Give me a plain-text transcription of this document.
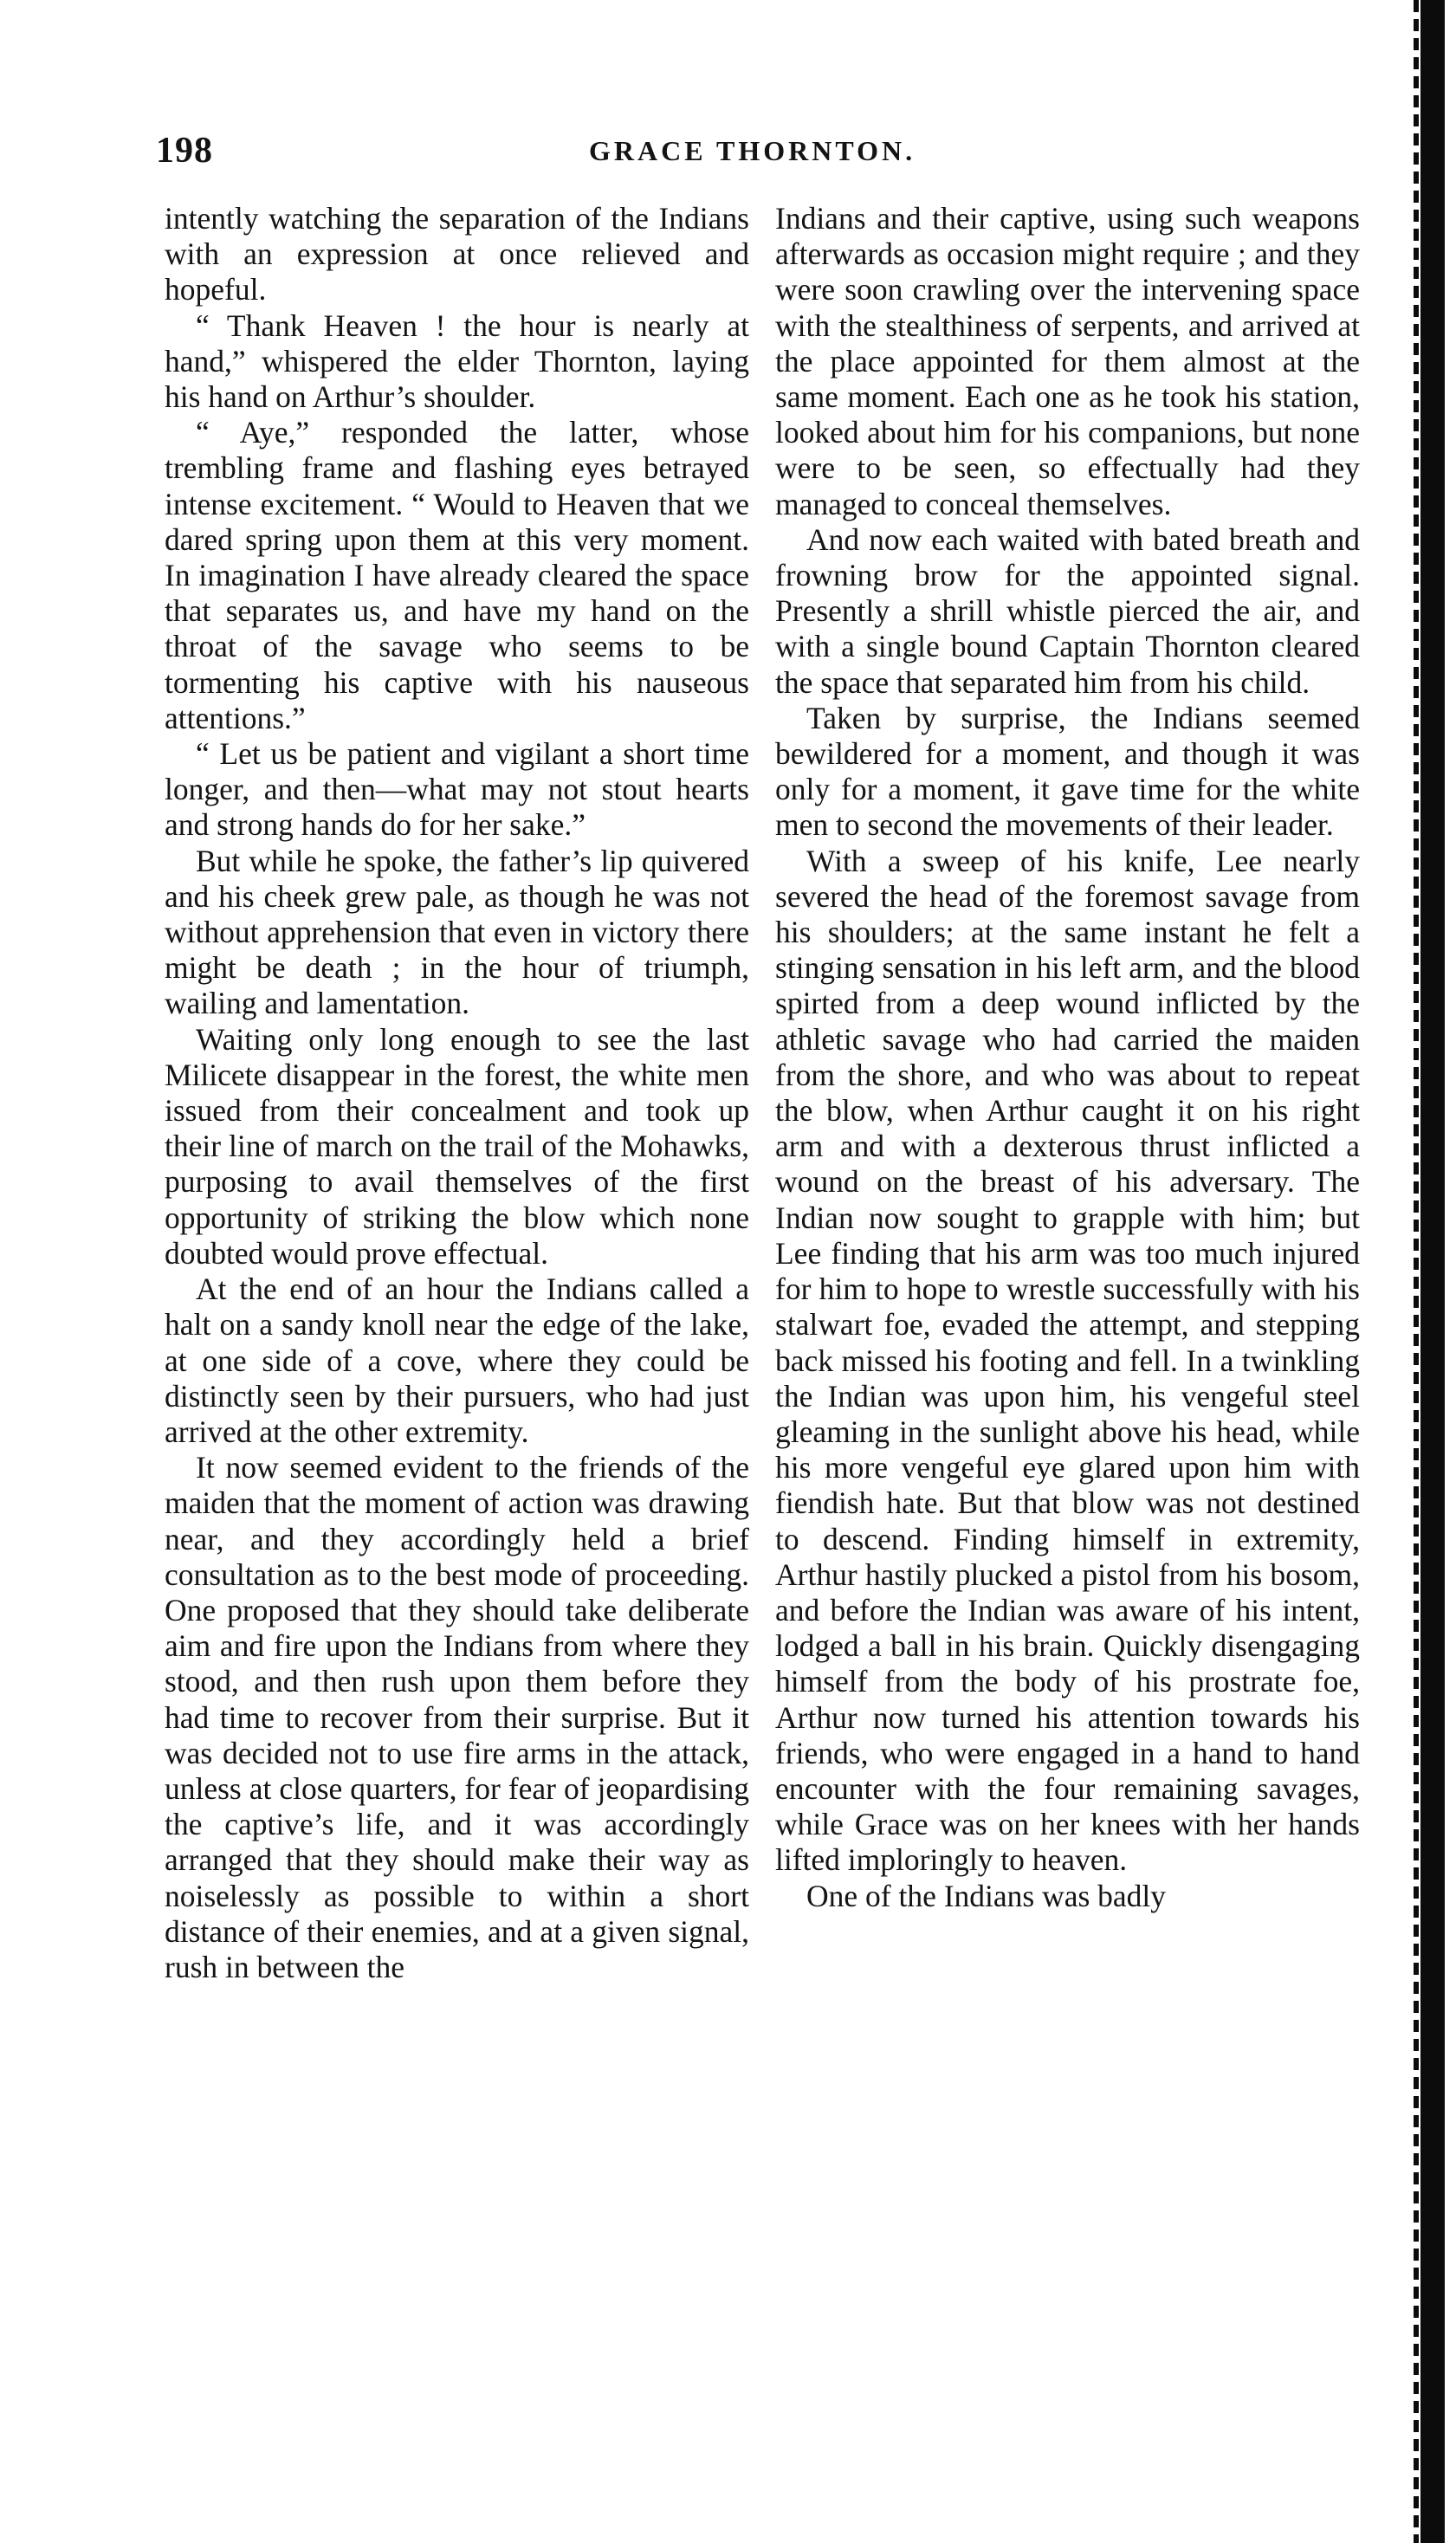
198	GRACE THORNTON.

intently watching the separation of the Indians with an expression at once relieved and hopeful.

“ Thank Heaven ! the hour is nearly at hand,” whispered the elder Thornton, laying his hand on Arthur’s shoulder.

“ Aye,” responded the latter, whose trembling frame and flashing eyes betrayed intense excitement. “ Would to Heaven that we dared spring upon them at this very moment. In imagination I have already cleared the space that separates us, and have my hand on the throat of the savage who seems to be tormenting his captive with his nauseous attentions.”

“ Let us be patient and vigilant a short time longer, and then—what may not stout hearts and strong hands do for her sake.”

But while he spoke, the father’s lip quivered and his cheek grew pale, as though he was not without apprehension that even in victory there might be death ; in the hour of triumph, wailing and lamentation.

Waiting only long enough to see the last Milicete disappear in the forest, the white men issued from their concealment and took up their line of march on the trail of the Mohawks, purposing to avail themselves of the first opportunity of striking the blow which none doubted would prove effectual.

At the end of an hour the Indians called a halt on a sandy knoll near the edge of the lake, at one side of a cove, where they could be distinctly seen by their pursuers, who had just arrived at the other extremity.

It now seemed evident to the friends of the maiden that the moment of action was drawing near, and they accordingly held a brief consultation as to the best mode of proceeding. One proposed that they should take deliberate aim and fire upon the Indians from where they stood, and then rush upon them before they had time to recover from their surprise. But it was decided not to use fire arms in the attack, unless at close quarters, for fear of jeopardising the captive’s life, and it was accordingly arranged that they should make their way as noiselessly as possible to within a short distance of their enemies, and at a given signal, rush in between the

Indians and their captive, using such weapons afterwards as occasion might require ; and they were soon crawling over the intervening space with the stealthiness of serpents, and arrived at the place appointed for them almost at the same moment. Each one as he took his station, looked about him for his companions, but none were to be seen, so effectually had they managed to conceal themselves.

And now each waited with bated breath and frowning brow for the appointed signal. Presently a shrill whistle pierced the air, and with a single bound Captain Thornton cleared the space that separated him from his child.

Taken by surprise, the Indians seemed bewildered for a moment, and though it was only for a moment, it gave time for the white men to second the movements of their leader.

With a sweep of his knife, Lee nearly severed the head of the foremost savage from his shoulders; at the same instant he felt a stinging sensation in his left arm, and the blood spirted from a deep wound inflicted by the athletic savage who had carried the maiden from the shore, and who was about to repeat the blow, when Arthur caught it on his right arm and with a dexterous thrust inflicted a wound on the breast of his adversary. The Indian now sought to grapple with him; but Lee finding that his arm was too much injured for him to hope to wrestle successfully with his stalwart foe, evaded the attempt, and stepping back missed his footing and fell. In a twinkling the Indian was upon him, his vengeful steel gleaming in the sunlight above his head, while his more vengeful eye glared upon him with fiendish hate. But that blow was not destined to descend. Finding himself in extremity, Arthur hastily plucked a pistol from his bosom, and before the Indian was aware of his intent, lodged a ball in his brain. Quickly disengaging himself from the body of his prostrate foe, Arthur now turned his attention towards his friends, who were engaged in a hand to hand encounter with the four remaining savages, while Grace was on her knees with her hands lifted imploringly to heaven.

One of the Indians was badly
